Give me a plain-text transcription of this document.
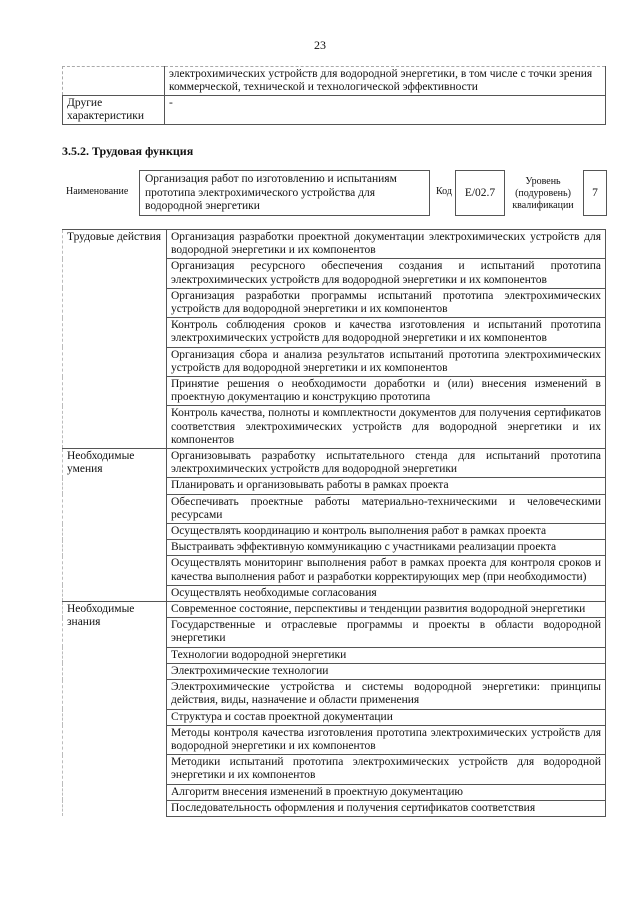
23
	электрохимических устройств для водородной энергетики, в том числе с точки зрения коммерческой, технической и технологической эффективности
Другие характеристики	-
3.5.2. Трудовая функция
Наименование
Организация работ по изготовлению и испытаниям прототипа электрохимического устройства для водородной энергетики
Код	E/02.7
Уровень (подуровень) квалификации
7
Трудовые действия	Организация разработки проектной документации электрохимических устройств для водородной энергетики и их компонентов
	Организация ресурсного обеспечения создания и испытаний прототипа электрохимических устройств для водородной энергетики и их компонентов
	Организация разработки программы испытаний прототипа электрохимических устройств для водородной энергетики и их компонентов
	Контроль соблюдения сроков и качества изготовления и испытаний прототипа электрохимических устройств для водородной энергетики и их компонентов
	Организация сбора и анализа результатов испытаний прототипа электрохимических устройств для водородной энергетики и их компонентов
	Принятие решения о необходимости доработки и (или) внесения изменений в проектную документацию и конструкцию прототипа
	Контроль качества, полноты и комплектности документов для получения сертификатов соответствия электрохимических устройств для водородной энергетики и их компонентов
Необходимые умения	Организовывать разработку испытательного стенда для испытаний прототипа электрохимических устройств для водородной энергетики
	Планировать и организовывать работы в рамках проекта
	Обеспечивать проектные работы материально-техническими и человеческими ресурсами
	Осуществлять координацию и контроль выполнения работ в рамках проекта
	Выстраивать эффективную коммуникацию с участниками реализации проекта
	Осуществлять мониторинг выполнения работ в рамках проекта для контроля сроков и качества выполнения работ и разработки корректирующих мер (при необходимости)
	Осуществлять необходимые согласования
Необходимые знания	Современное состояние, перспективы и тенденции развития водородной энергетики
	Государственные и отраслевые программы и проекты в области водородной энергетики
	Технологии водородной энергетики
	Электрохимические технологии
	Электрохимические устройства и системы водородной энергетики: принципы действия, виды, назначение и области применения
	Структура и состав проектной документации
	Методы контроля качества изготовления прототипа электрохимических устройств для водородной энергетики и их компонентов
	Методики испытаний прототипа электрохимических устройств для водородной энергетики и их компонентов
	Алгоритм внесения изменений в проектную документацию
	Последовательность оформления и получения сертификатов соответствия
